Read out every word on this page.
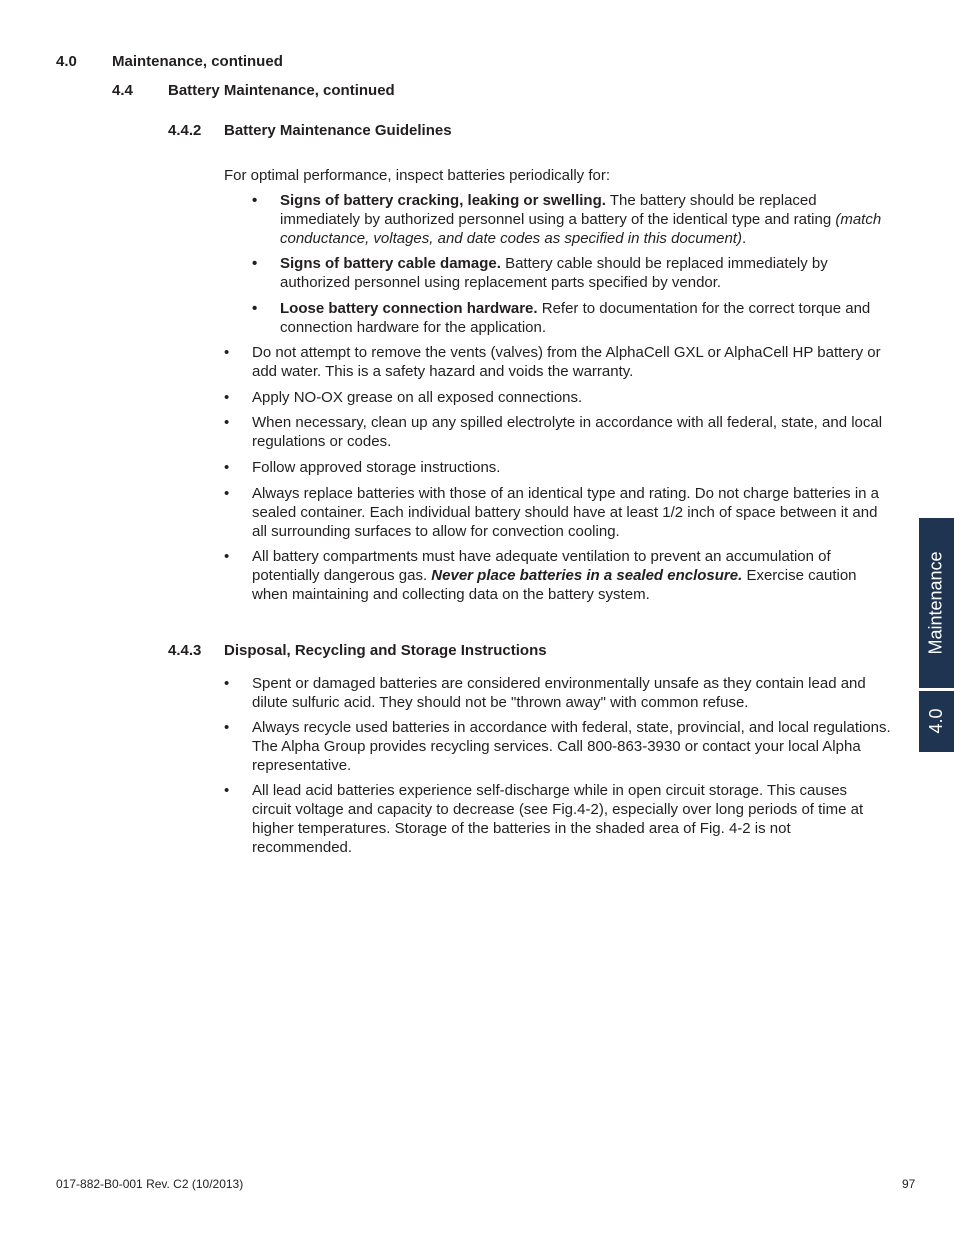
4.0 Maintenance, continued
4.4 Battery Maintenance, continued
4.4.2 Battery Maintenance Guidelines
For optimal performance, inspect batteries periodically for:
• Signs of battery cracking, leaking or swelling. The battery should be replaced immediately by authorized personnel using a battery of the identical type and rating (match conductance, voltages, and date codes as specified in this document).
• Signs of battery cable damage. Battery cable should be replaced immediately by authorized personnel using replacement parts specified by vendor.
• Loose battery connection hardware. Refer to documentation for the correct torque and connection hardware for the application.
• Do not attempt to remove the vents (valves) from the AlphaCell GXL or AlphaCell HP battery or add water. This is a safety hazard and voids the warranty.
• Apply NO-OX grease on all exposed connections.
• When necessary, clean up any spilled electrolyte in accordance with all federal, state, and local regulations or codes.
• Follow approved storage instructions.
• Always replace batteries with those of an identical type and rating. Do not charge batteries in a sealed container. Each individual battery should have at least 1/2 inch of space between it and all surrounding surfaces to allow for convection cooling.
• All battery compartments must have adequate ventilation to prevent an accumulation of potentially dangerous gas. Never place batteries in a sealed enclosure. Exercise caution when maintaining and collecting data on the battery system.
4.4.3 Disposal, Recycling and Storage Instructions
• Spent or damaged batteries are considered environmentally unsafe as they contain lead and dilute sulfuric acid. They should not be "thrown away" with common refuse.
• Always recycle used batteries in accordance with federal, state, provincial, and local regulations. The Alpha Group provides recycling services. Call 800-863-3930 or contact your local Alpha representative.
• All lead acid batteries experience self-discharge while in open circuit storage. This causes circuit voltage and capacity to decrease (see Fig.4-2), especially over long periods of time at higher temperatures. Storage of the batteries in the shaded area of Fig. 4-2 is not recommended.
Maintenance
4.0
017-882-B0-001 Rev. C2 (10/2013)	97
